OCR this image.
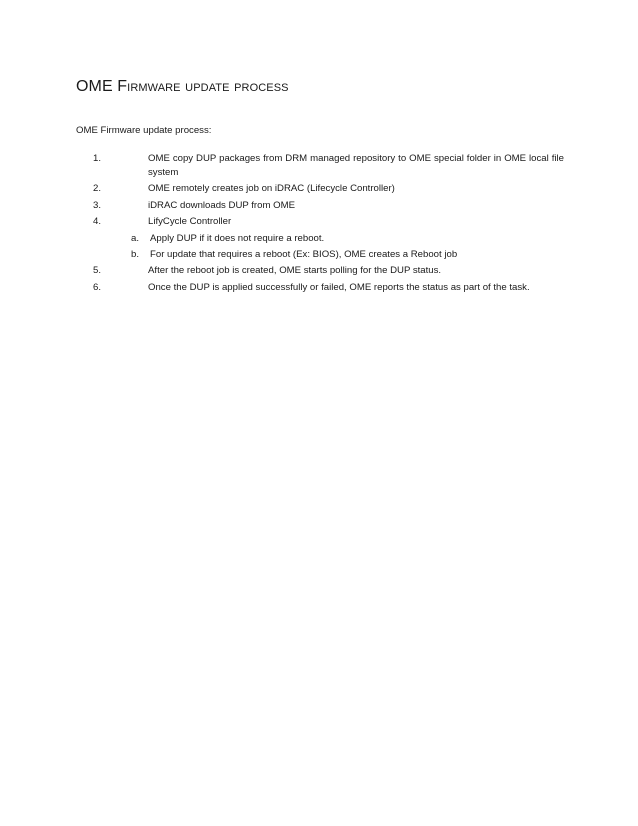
OME Firmware update process
OME Firmware update process:
1.	OME copy DUP packages from DRM managed repository to OME special folder in OME local file system
2.	OME remotely creates job on iDRAC (Lifecycle Controller)
3.	iDRAC downloads DUP from OME
4.	LifyCycle Controller
a.	Apply DUP if it does not require a reboot.
b.	For update that requires a reboot (Ex: BIOS), OME creates a Reboot job
5.	After the reboot job is created, OME starts polling for the DUP status.
6.	Once the DUP is applied successfully or failed, OME reports the status as part of the task.
